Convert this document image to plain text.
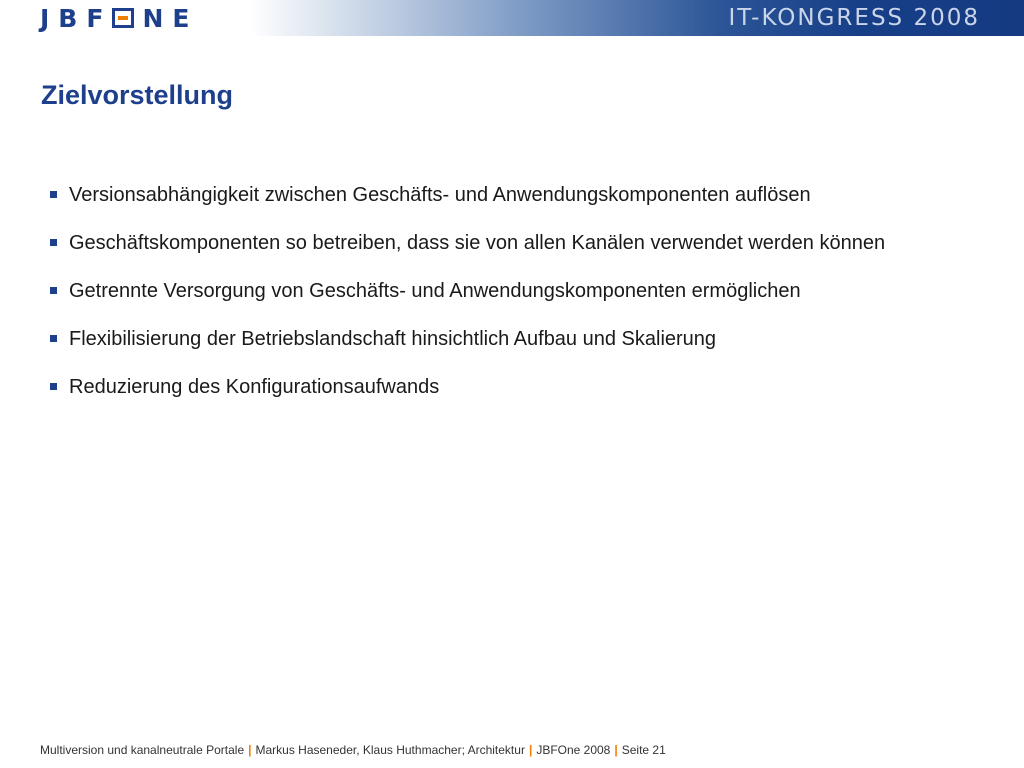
JBF NE	IT-KONGRESS 2008
Zielvorstellung
Versionsabhängigkeit zwischen Geschäfts- und Anwendungskomponenten auflösen
Geschäftskomponenten so betreiben, dass sie von allen Kanälen verwendet werden können
Getrennte Versorgung von Geschäfts- und Anwendungskomponenten ermöglichen
Flexibilisierung der Betriebslandschaft hinsichtlich Aufbau und Skalierung
Reduzierung des Konfigurationsaufwands
Multiversion und kanalneutrale Portale | Markus Haseneder, Klaus Huthmacher; Architektur | JBFOne 2008 | Seite 21
